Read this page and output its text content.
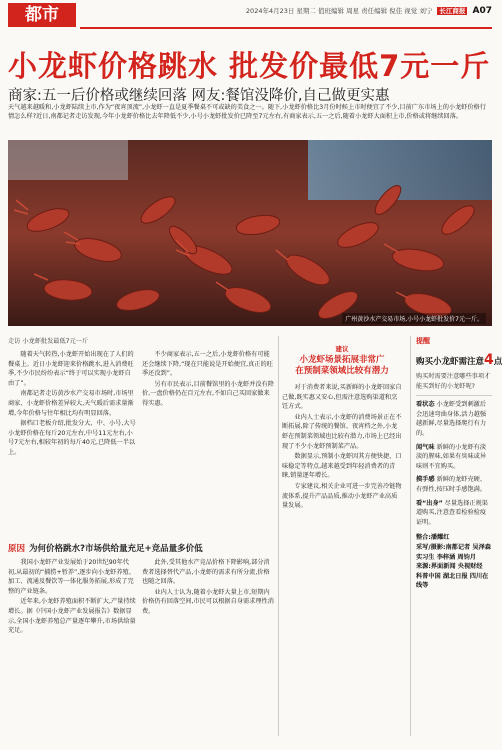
都市	2024年4月23日 星期二 值班编辑 周星 责任编辑 倪佳 视觉 刘宁 长江商报 A07
小龙虾价格跳水 批发价最低7元一斤
商家:五一后价格或继续回落 网友:餐馆没降价,自己做更实惠
天气越来越暖和,小龙虾陆续上市,作为“夜宵顶流”,小龙虾一直是夏季餐桌不可或缺的美食之一。随下,小龙虾价格比3月份时候上市时便宜了不少,目前广东市场上的小龙虾价格行情怎么样?近日,南都记者走访发现,今年小龙虾价格比去年降低不少,小号小龙虾批发价已降至7元左右,有商家表示,五一之后,随着小龙虾大面积上市,价格或将继续回落。
广州黄沙水产交易市场,小号小龙虾批发价7元一斤。
走访 小龙虾批发最低7元一斤

随着天气转热,小龙虾开始出现在了人们的餐桌上。近日小龙虾迎来价格跳水,进入消费旺季,不少市民纷纷表示“终于可以实现小龙虾自由了”。

南都记者走访黄沙水产交易市场时,市场里商家、小龙虾价格差异较大,天气暖后需求量渐增,今年价格与往年相比均有明显回落。

据档口老板介绍,批发分大、中、小号,大号小龙虾价格在每斤20元左右,中号11元左右,小号7元左右,相较年初的每斤40元,已降低一半以上。

不少商家表示,五一之后,小龙虾价格有可能还会继续下降,“现在只能说是开始便宜,真正的旺季还没到”。

另有市民表示,目前餐馆里的小龙虾并没有降价,一盘价格仍在百元左右,不如自己买回家做来得实惠。

原因 为何价格跳水?市场供给量充足+竞品量多价低

我国小龙虾产业发展始于20世纪90年代初,从最初的“捕捞+暂养”,逐步向小龙虾养殖、加工、流通及餐饮等一体化服务拓展,形成了完整的产业链条。

近年来,小龙虾养殖面积不断扩大,产量持续增长。据《中国小龙虾产业发展报告》数据显示,全国小龙虾养殖总产量逐年攀升,市场供给量充足。

此外,受其他水产竞品价格下降影响,部分消费者选择替代产品,小龙虾的需求有所分流,价格也随之回落。

业内人士认为,随着小龙虾大量上市,短期内价格仍有回落空间,市民可以根据自身需求理性消费。

建议
小龙虾场景拓展非常广
在预制菜领域比较有潜力

对于消费者来说,买新鲜的小龙虾回家自己做,既实惠又安心,但需注意选购渠道和烹饪方式。

业内人士表示,小龙虾的消费场景正在不断拓展,除了传统的餐馆、夜宵档之外,小龙虾在预制菜领域也比较有潜力,市场上已经出现了不少小龙虾预制菜产品。

数据显示,预制小龙虾因其方便快捷、口味稳定等特点,越来越受到年轻消费者的青睐,销量逐年增长。

专家建议,相关企业可进一步完善冷链物流体系,提升产品品质,推动小龙虾产业高质量发展。

提醒
购买小龙虾需注意4点
购买时需要注意哪些事项才能买到好的小龙虾呢?
看状态 小龙虾受到刺激后会迅速弯曲身体,活力越强越新鲜,尽量选择爬行有力的。
闻气味 新鲜的小龙虾有淡淡的腥味,如果有臭味或异味则不宜购买。
摸手感 新鲜的龙虾壳硬、有弹性,按压时手感饱满。
看“出身” 尽量选择正规渠道购买,注意查看检验检疫证明。
整合:潘耀红
采写/摄影:南都记者 吴泽森
实习生 李梓涵 周钧月
来源:界面新闻 央视财经
科普中国 湖北日报 四川在线等
